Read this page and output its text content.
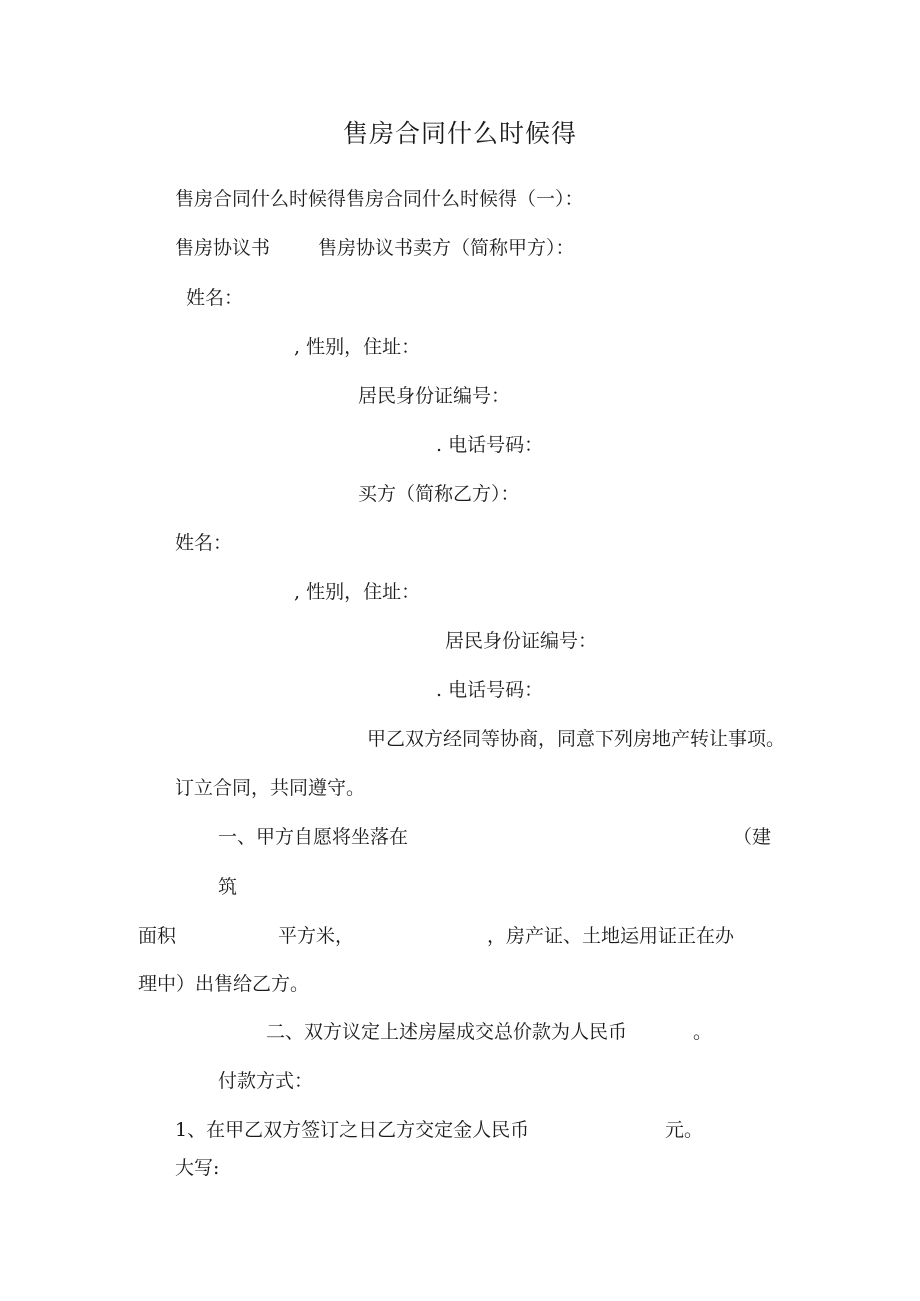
售房合同什么时候得
售房合同什么时候得售房合同什么时候得（一）：
售房协议书	售房协议书卖方（简称甲方）：
姓名：
, 性别，住址：
居民身份证编号：
. 电话号码：
买方（简称乙方）：
姓名：
, 性别，住址：
居民身份证编号：
. 电话号码：
甲乙双方经同等协商，同意下列房地产转让事项。
订立合同，共同遵守。
一、甲方自愿将坐落在	（建
筑
面积	平方米，	，房产证、土地运用证正在办
理中）出售给乙方。
二、双方议定上述房屋成交总价款为人民币	。
付款方式：
1、在甲乙双方签订之日乙方交定金人民币	元。
大写:
